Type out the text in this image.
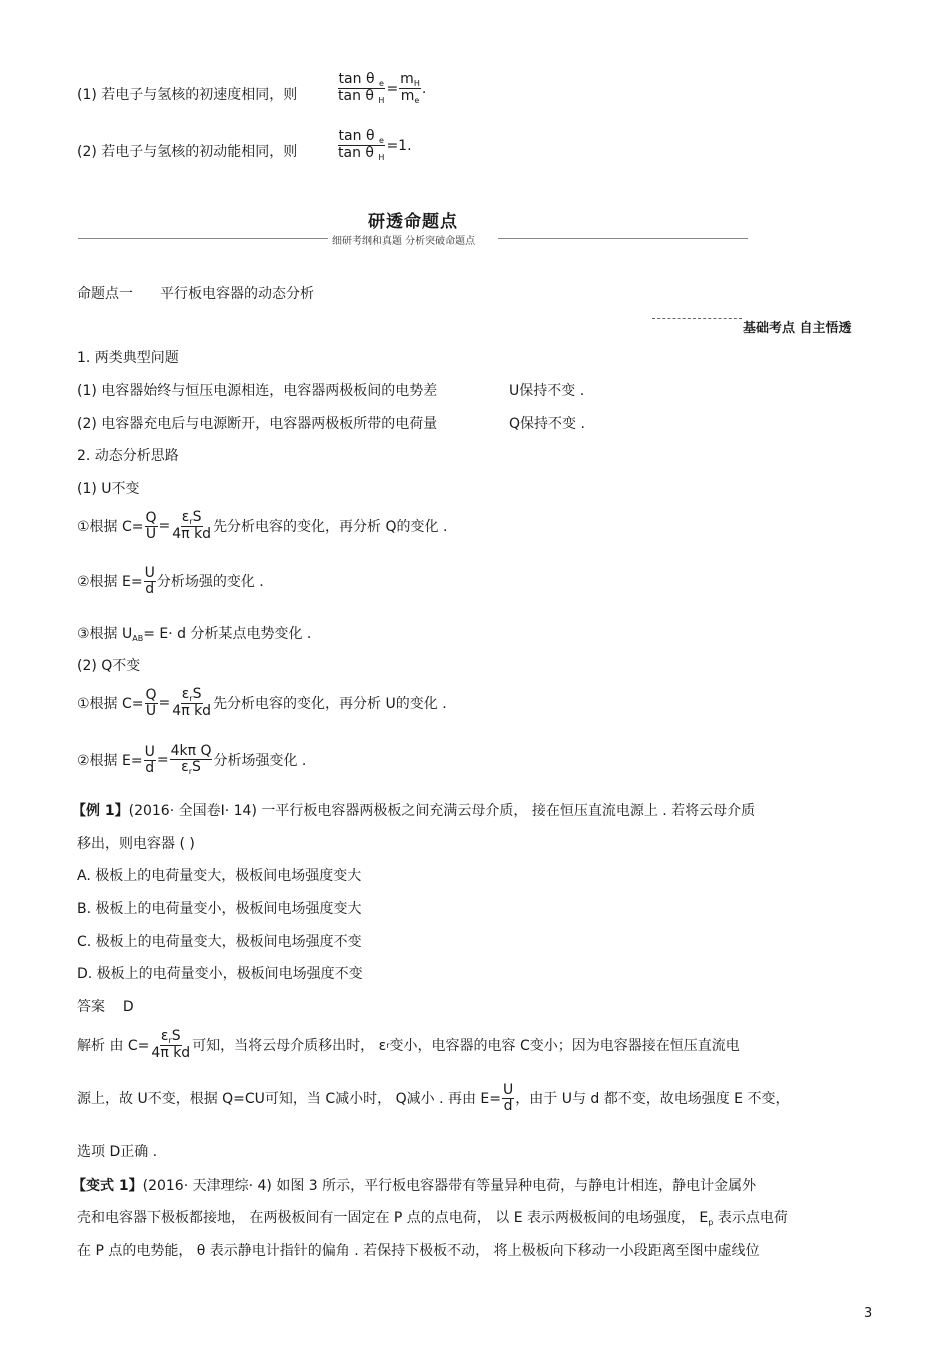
(1) 若电子与氢核的初速度相同，则	$\frac{\tan \theta _e}{\tan \theta _H} = \frac{m_H}{m_e}$ .
(2) 若电子与氢核的初动能相同，则	$\frac{\tan \theta _e}{\tan \theta _H} =1$.
研透命题点
细研考纲和真题 分析突破命题点
命题点一 平行板电容器的动态分析
基础考点 自主悟透
1. 两类典型问题
(1) 电容器始终与恒压电源相连，电容器两极板间的电势差	U保持不变 .
(2) 电容器充电后与电源断开，电容器两极板所带的电荷量	Q保持不变 .
2. 动态分析思路
(1) U不变
①根据 $C= \frac{Q}{U} = \frac{\varepsilon_rS}{\text{4π kd}}$ 先分析电容的变化，再分析 Q的变化 .
②根据 $E= \frac{U}{d}$ 分析场强的变化 .
③根据 $U_{AB}= E\cdot d$ 分析某点电势变化 .
(2) Q不变
①根据 $C= \frac{Q}{U} = \frac{\varepsilon_rS}{\text{4π kd}}$ 先分析电容的变化，再分析 U的变化 .
②根据 $E= \frac{U}{d} = \frac{\text{4kπ Q}}{\varepsilon_rS}$ 分析场强变化 .
【例 1】(2016· 全国卷Ⅰ· 14) 一平行板电容器两极板之间充满云母介质， 接在恒压直流电源上 . 若将云母介质
移出，则电容器 ( )
A. 极板上的电荷量变大，极板间电场强度变大
B. 极板上的电荷量变小，极板间电场强度变大
C. 极板上的电荷量变大，极板间电场强度不变
D. 极板上的电荷量变小，极板间电场强度不变
答案 D
解析 由 $C= \frac{\varepsilon_rS}{\text{4π kd}}$ 可知，当将云母介质移出时， ε r 变小，电容器的电容 C变小；因为电容器接在恒压直流电
源上，故 U不变，根据 Q=CU可知，当 C减小时， Q减小 . 再由 $E= \frac{U}{d}$ ，由于 U与 d 都不变，故电场强度 E 不变，
选项 D正确 .
【变式 1】(2016· 天津理综· 4) 如图 3 所示，平行板电容器带有等量异种电荷，与静电计相连，静电计金属外
壳和电容器下极板都接地， 在两极板间有一固定在 P 点的点电荷， 以 E 表示两极板间的电场强度， $E_p$ 表示点电荷
在 P 点的电势能， θ 表示静电计指针的偏角 . 若保持下极板不动， 将上极板向下移动一小段距离至图中虚线位
3
